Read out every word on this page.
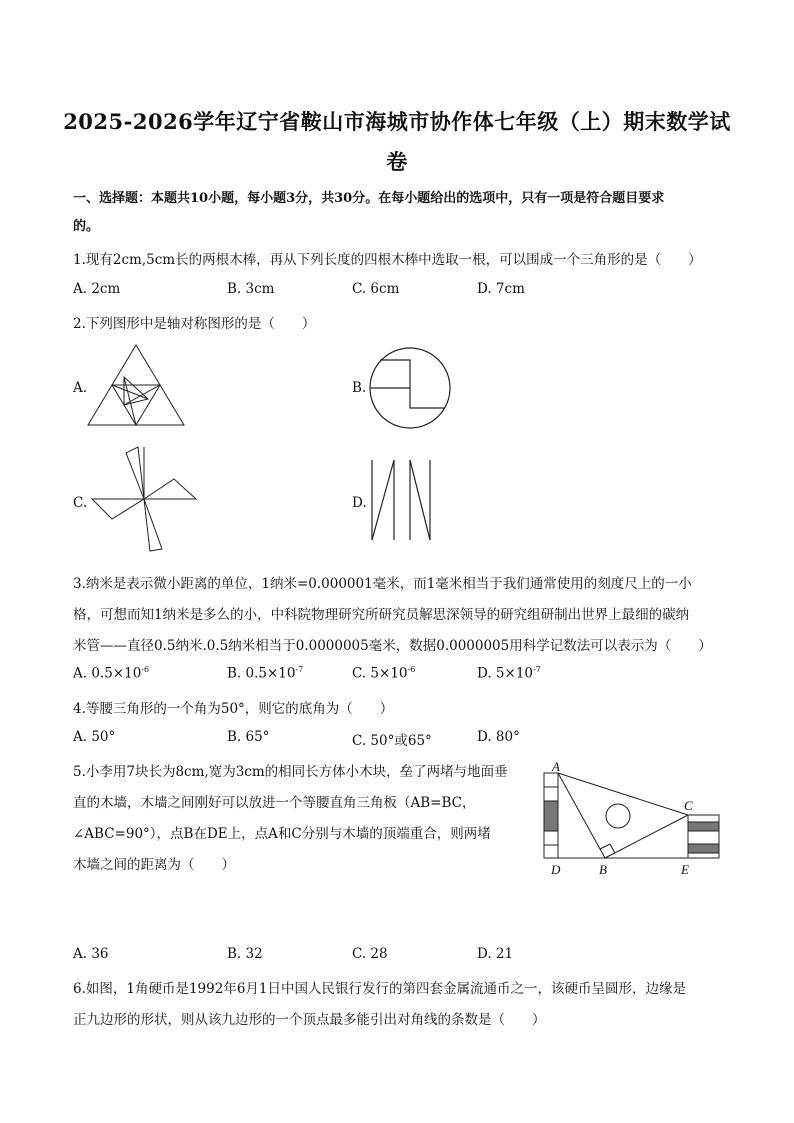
2025-2026学年辽宁省鞍山市海城市协作体七年级（上）期末数学试
卷
一、选择题：本题共10小题，每小题3分，共30分。在每小题给出的选项中，只有一项是符合题目要求
的。
1.现有2cm,5cm长的两根木棒，再从下列长度的四根木棒中选取一根，可以围成一个三角形的是（　　）
A. 2cm	B. 3cm	C. 6cm	D. 7cm
2.下列图形中是轴对称图形的是（　　）
A.	B.
C.	D.
3.纳米是表示微小距离的单位，1纳米=0.000001毫米，而1毫米相当于我们通常使用的刻度尺上的一小
格，可想而知1纳米是多么的小，中科院物理研究所研究员解思深领导的研究组研制出世界上最细的碳纳
米管——直径0.5纳米.0.5纳米相当于0.0000005毫米，数据0.0000005用科学记数法可以表示为（　　）
A. $0.5\times 10^{-6}$	B. $0.5\times 10^{-7}$	C. $5\times 10^{-6}$	D. $5\times 10^{-7}$
4.等腰三角形的一个角为50°，则它的底角为（　　）
A. 50°	B. 65°	C. 50°或65°	D. 80°
5.小李用7块长为8cm,宽为3cm的相同长方体小木块，垒了两堵与地面垂
直的木墙，木墙之间刚好可以放进一个等腰直角三角板（AB=BC，
∠ABC=90°），点B在DE上，点A和C分别与木墙的顶端重合，则两堵
木墙之间的距离为（　　）
A
C
D	B	E
A. 36	B. 32	C. 28	D. 21
6.如图，1角硬币是1992年6月1日中国人民银行发行的第四套金属流通币之一，该硬币呈圆形，边缘是
正九边形的形状，则从该九边形的一个顶点最多能引出对角线的条数是（　　）
